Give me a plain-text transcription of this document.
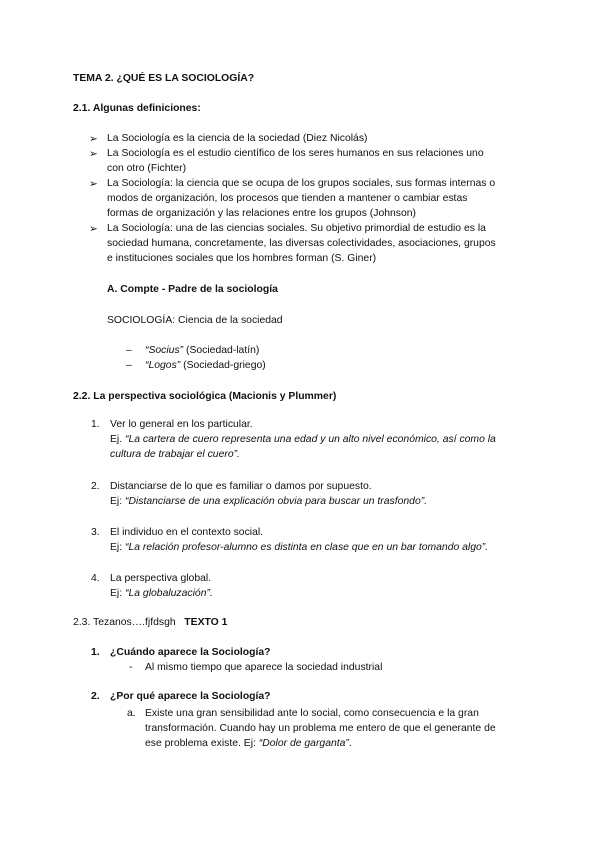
TEMA 2. ¿QUÉ ES LA SOCIOLOGÍA?
2.1. Algunas definiciones:
➢ La Sociología es la ciencia de la sociedad (Diez Nicolás)
➢ La Sociología es el estudio científico de los seres humanos en sus relaciones uno
con otro (Fichter)
➢ La Sociología: la ciencia que se ocupa de los grupos sociales, sus formas internas o
modos de organización, los procesos que tienden a mantener o cambiar estas
formas de organización y las relaciones entre los grupos (Johnson)
➢ La Sociología: una de las ciencias sociales. Su objetivo primordial de estudio es la
sociedad humana, concretamente, las diversas colectividades, asociaciones, grupos
e instituciones sociales que los hombres forman (S. Giner)
A. Compte - Padre de la sociología
SOCIOLOGÍA: Ciencia de la sociedad
– “Socius” (Sociedad-latín)
– “Logos” (Sociedad-griego)
2.2. La perspectiva sociológica (Macionis y Plummer)
1. Ver lo general en los particular.
Ej. “La cartera de cuero representa una edad y un alto nivel económico, así como la
cultura de trabajar el cuero”.
2. Distanciarse de lo que es familiar o damos por supuesto.
Ej: “Distanciarse de una explicación obvia para buscar un trasfondo”.
3. El individuo en el contexto social.
Ej: “La relación profesor-alumno es distinta en clase que en un bar tomando algo”.
4. La perspectiva global.
Ej: “La globaluzación”.
2.3. Tezanos….fjfdsgh TEXTO 1
1. ¿Cuándo aparece la Sociología?
- Al mismo tiempo que aparece la sociedad industrial
2. ¿Por qué aparece la Sociología?
a. Existe una gran sensibilidad ante lo social, como consecuencia e la gran
transformación. Cuando hay un problema me entero de que el generante de
ese problema existe. Ej: “Dolor de garganta”.
